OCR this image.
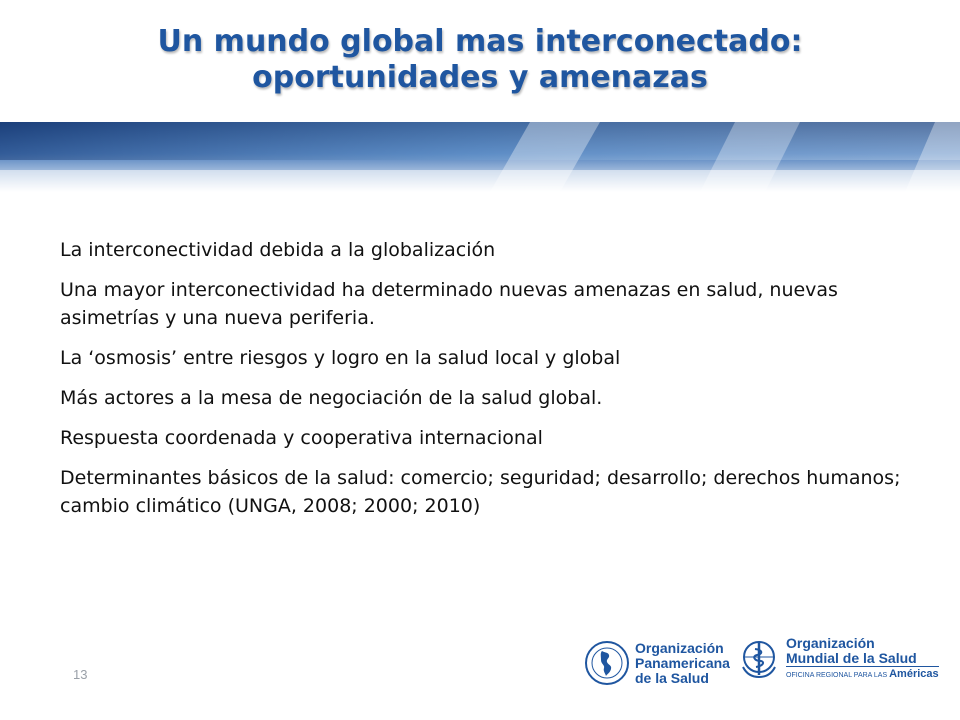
Un mundo global mas interconectado:
oportunidades y amenazas

La interconectividad debida a la globalización

Una mayor interconectividad ha determinado nuevas amenazas en salud, nuevas asimetrías y una nueva periferia.

La ‘osmosis’ entre riesgos y logro en la salud local y global

Más actores a la mesa de negociación de la salud global.

Respuesta coordenada y cooperativa internacional

Determinantes básicos de la salud: comercio; seguridad; desarrollo; derechos humanos; cambio climático (UNGA, 2008; 2000; 2010)

13
Organización
Panamericana
de la Salud
Organización
Mundial de la Salud
OFICINA REGIONAL PARA LAS Américas
